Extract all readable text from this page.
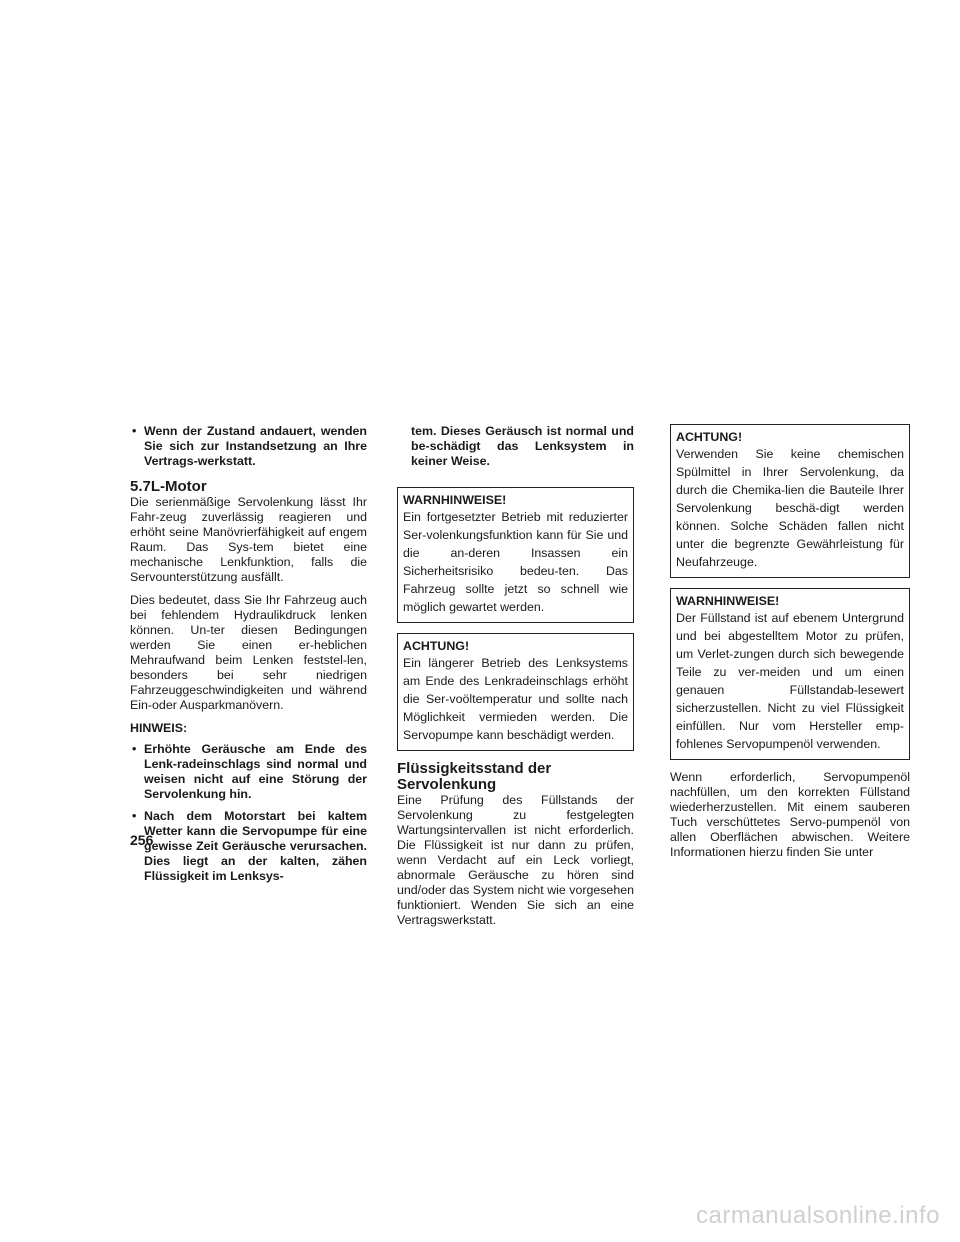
• Wenn der Zustand andauert, wenden Sie sich zur Instandsetzung an Ihre Vertrags-werkstatt.
5.7L-Motor

Die serienmäßige Servolenkung lässt Ihr Fahr-zeug zuverlässig reagieren und erhöht seine Manövrierfähigkeit auf engem Raum. Das Sys-tem bietet eine mechanische Lenkfunktion, falls die Servounterstützung ausfällt.

Dies bedeutet, dass Sie Ihr Fahrzeug auch bei fehlendem Hydraulikdruck lenken können. Un-ter diesen Bedingungen werden Sie einen er-heblichen Mehraufwand beim Lenken feststel-len, besonders bei sehr niedrigen Fahrzeuggeschwindigkeiten und während Ein-oder Ausparkmanövern.

HINWEIS:
• Erhöhte Geräusche am Ende des Lenk-radeinschlags sind normal und weisen nicht auf eine Störung der Servolenkung hin.
• Nach dem Motorstart bei kaltem Wetter kann die Servopumpe für eine gewisse Zeit Geräusche verursachen. Dies liegt an der kalten, zähen Flüssigkeit im Lenksys-
tem. Dieses Geräusch ist normal und be-schädigt das Lenksystem in keiner Weise.
WARNHINWEISE!
Ein fortgesetzter Betrieb mit reduzierter Ser-volenkungsfunktion kann für Sie und die an-deren Insassen ein Sicherheitsrisiko bedeu-ten. Das Fahrzeug sollte jetzt so schnell wie möglich gewartet werden.
ACHTUNG!
Ein längerer Betrieb des Lenksystems am Ende des Lenkradeinschlags erhöht die Ser-voöltemperatur und sollte nach Möglichkeit vermieden werden. Die Servopumpe kann beschädigt werden.
Flüssigkeitsstand der Servolenkung

Eine Prüfung des Füllstands der Servolenkung zu festgelegten Wartungsintervallen ist nicht erforderlich. Die Flüssigkeit ist nur dann zu prüfen, wenn Verdacht auf ein Leck vorliegt, abnormale Geräusche zu hören sind und/oder das System nicht wie vorgesehen funktioniert. Wenden Sie sich an eine Vertragswerkstatt.

ACHTUNG!
Verwenden Sie keine chemischen Spülmittel in Ihrer Servolenkung, da durch die Chemika-lien die Bauteile Ihrer Servolenkung beschä-digt werden können. Solche Schäden fallen nicht unter die begrenzte Gewährleistung für Neufahrzeuge.
WARNHINWEISE!
Der Füllstand ist auf ebenem Untergrund und bei abgestelltem Motor zu prüfen, um Verlet-zungen durch sich bewegende Teile zu ver-meiden und um einen genauen Füllstandab-lesewert sicherzustellen. Nicht zu viel Flüssigkeit einfüllen. Nur vom Hersteller emp-fohlenes Servopumpenöl verwenden.

Wenn erforderlich, Servopumpenöl nachfüllen, um den korrekten Füllstand wiederherzustellen. Mit einem sauberen Tuch verschüttetes Servo-pumpenöl von allen Oberflächen abwischen. Weitere Informationen hierzu finden Sie unter

256
carmanualsonline.info
